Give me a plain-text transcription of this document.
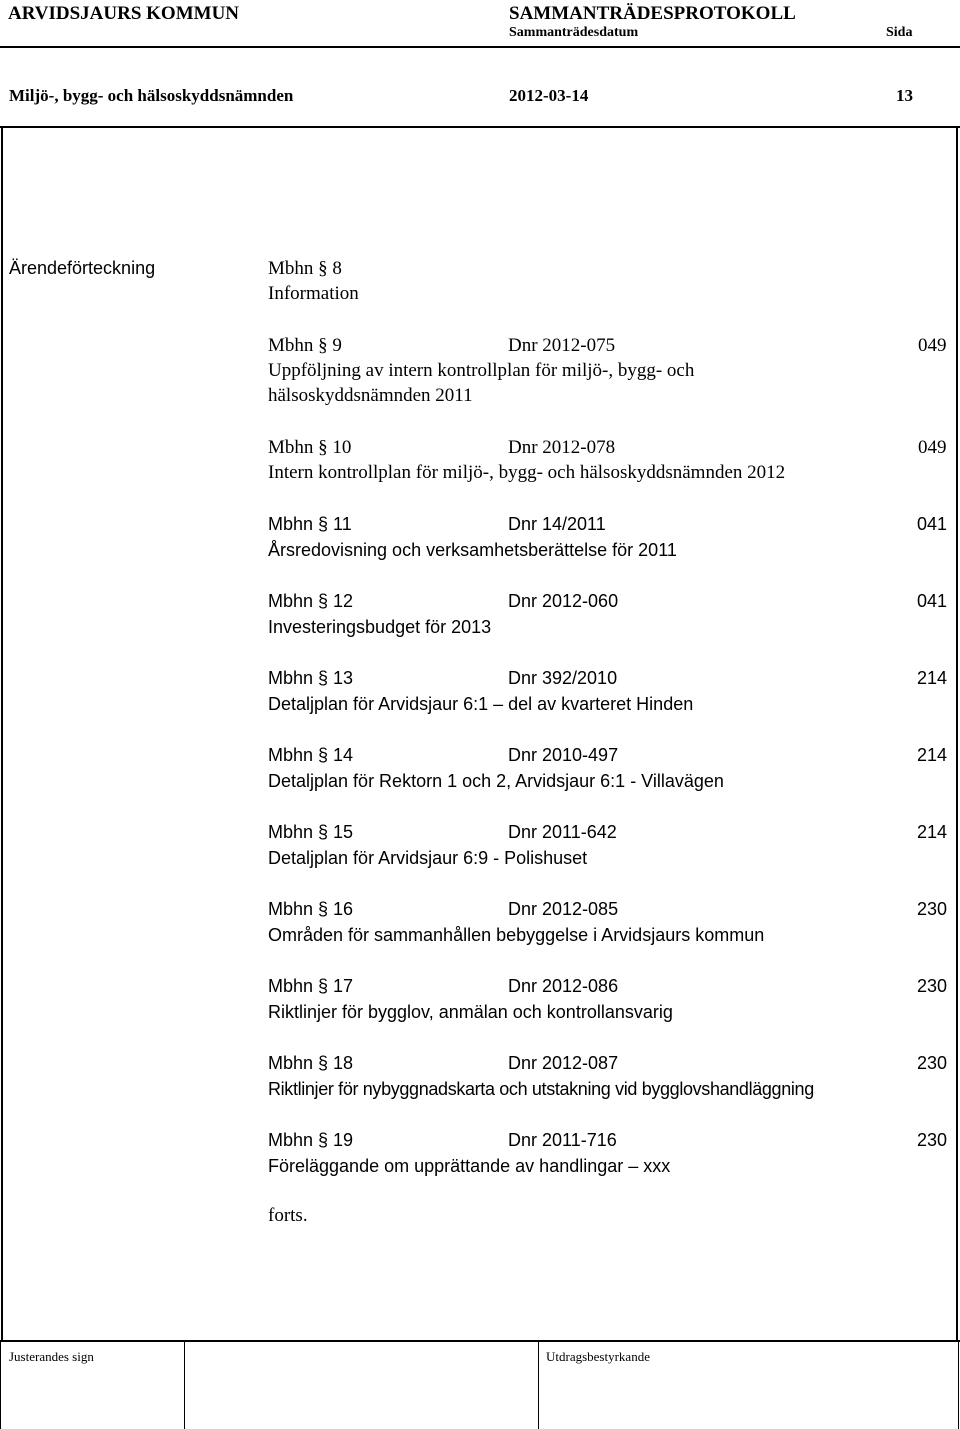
ARVIDSJAURS KOMMUN	SAMMANTRÄDESPROTOKOLL
Sammanträdesdatum	Sida
Miljö-, bygg- och hälsoskyddsnämnden	2012-03-14	13
Ärendeförteckning	Mbhn § 8
Information
Mbhn § 9	Dnr 2012-075	049
Uppföljning av intern kontrollplan för miljö-, bygg- och
hälsoskyddsnämnden 2011
Mbhn § 10	Dnr 2012-078	049
Intern kontrollplan för miljö-, bygg- och hälsoskyddsnämnden 2012
Mbhn § 11	Dnr 14/2011	041
Årsredovisning och verksamhetsberättelse för 2011
Mbhn § 12	Dnr 2012-060	041
Investeringsbudget för 2013
Mbhn § 13	Dnr 392/2010	214
Detaljplan för Arvidsjaur 6:1 – del av kvarteret Hinden
Mbhn § 14	Dnr 2010-497	214
Detaljplan för Rektorn 1 och 2, Arvidsjaur 6:1 - Villavägen
Mbhn § 15	Dnr 2011-642	214
Detaljplan för Arvidsjaur 6:9 - Polishuset
Mbhn § 16	Dnr 2012-085	230
Områden för sammanhållen bebyggelse i Arvidsjaurs kommun
Mbhn § 17	Dnr 2012-086	230
Riktlinjer för bygglov, anmälan och kontrollansvarig
Mbhn § 18	Dnr 2012-087	230
Riktlinjer för nybyggnadskarta och utstakning vid bygglovshandläggning
Mbhn § 19	Dnr 2011-716	230
Föreläggande om upprättande av handlingar – xxx
forts.
Justerandes sign	Utdragsbestyrkande
